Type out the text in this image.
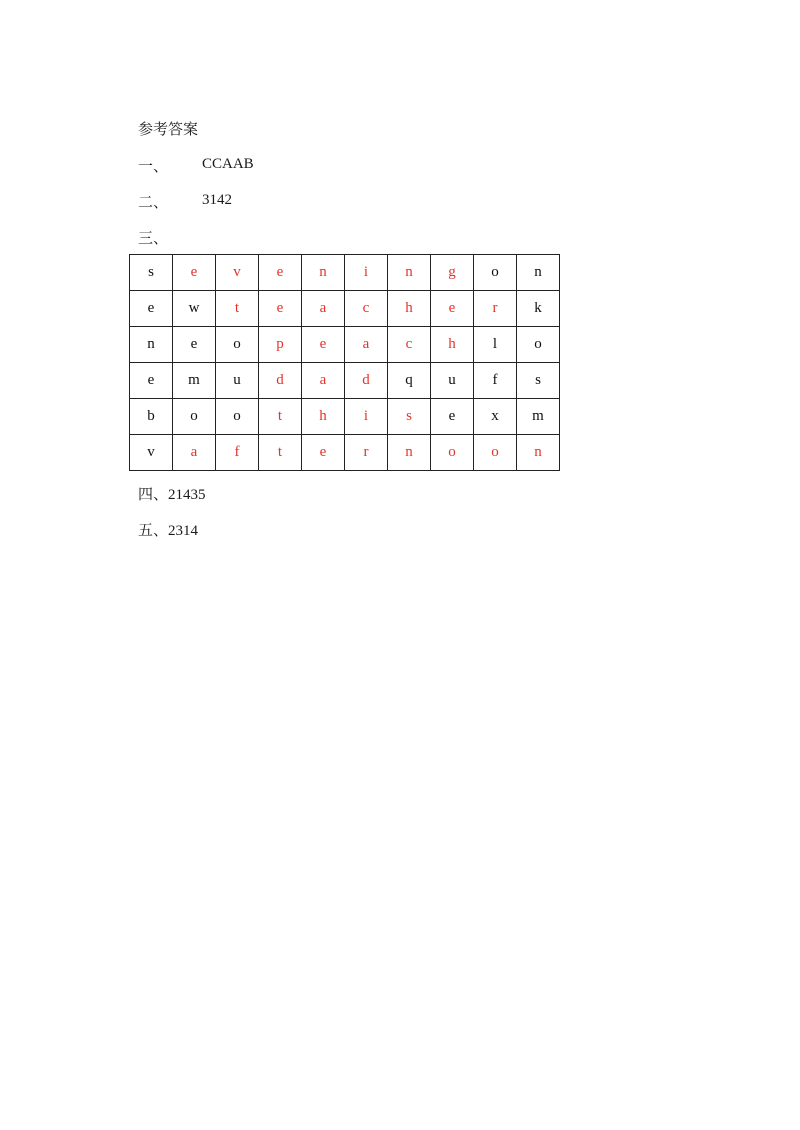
参考答案
一、 CCAAB
二、 3142
三、
s	e	v	e	n	i	n	g	o	n
e	w	t	e	a	c	h	e	r	k
n	e	o	p	e	a	c	h	l	o
e	m	u	d	a	d	q	u	f	s
b	o	o	t	h	i	s	e	x	m
v	a	f	t	e	r	n	o	o	n
四、21435
五、2314
